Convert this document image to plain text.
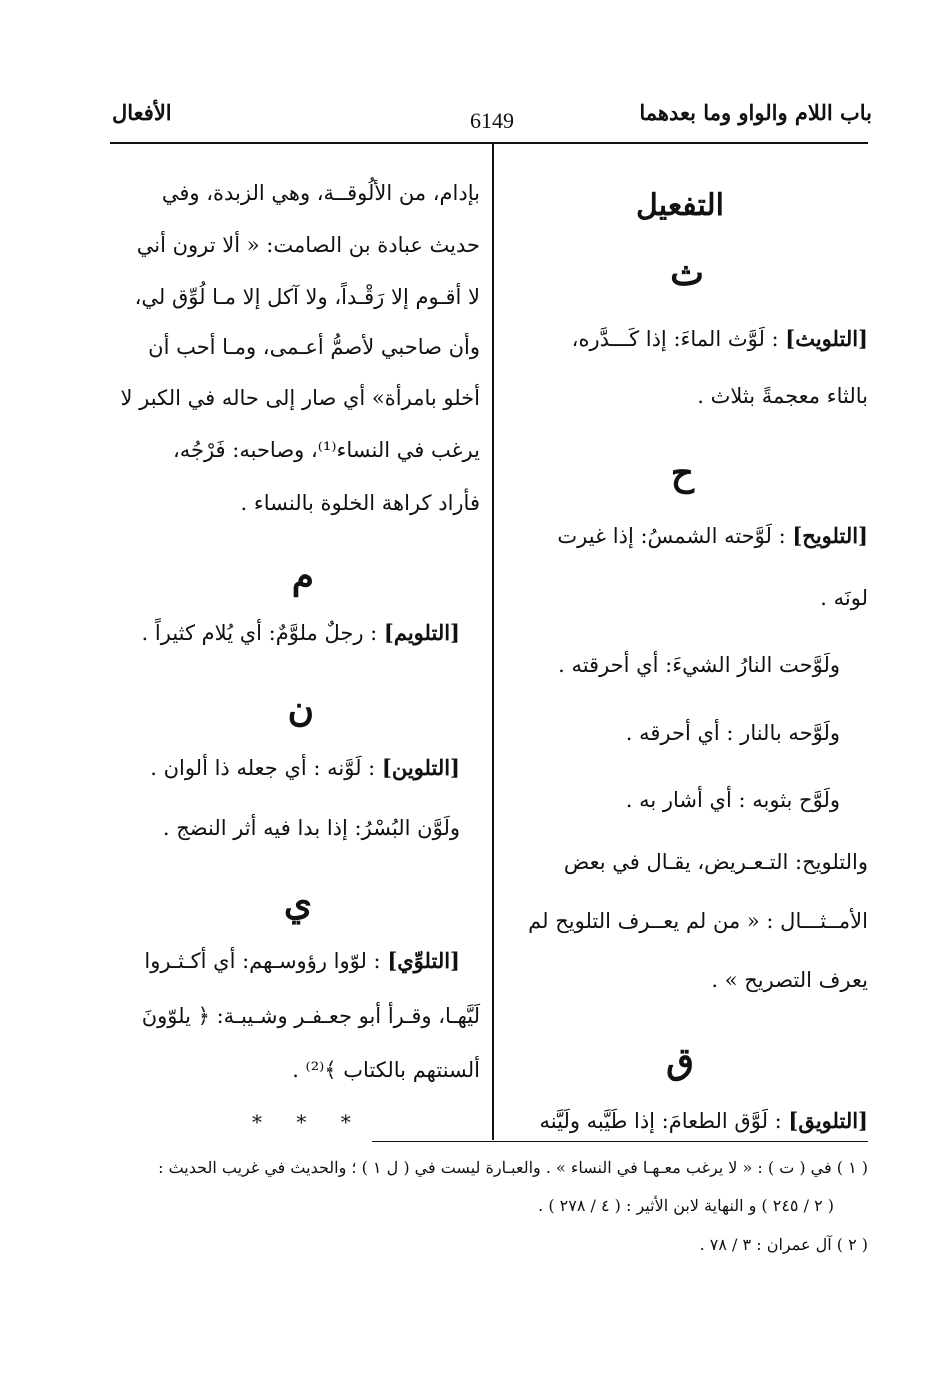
باب اللام والواو وما بعدهما
6149
الأفعال
التفعيل
ث
[التلويث] : لَوَّث الماءَ: إذا كَـــدَّره،
بالثاء معجمةً بثلاث .
ح
[التلويح] : لَوَّحته الشمسُ: إذا غيرت
لونَه .
ولَوَّحت النارُ الشيءَ: أي أحرقته .
ولَوَّحه بالنار : أي أحرقه .
ولَوَّح بثوبه : أي أشار به .
والتلويح: التـعـريض، يقـال في بعض
الأمــثـــال : « من لم يعــرف التلويح لم
يعرف التصريح » .
ق
[التلويق] : لَوَّق الطعامَ: إذا طَيَّبه ولَيَّنه
بإدام، من الألُوقــة، وهي الزبدة، وفي
حديث عبادة بن الصامت: « ألا ترون أني
لا أقـوم إلا رَقْـداً، ولا آكل إلا مـا لُوِّق لي،
وأن صاحبي لأصمُّ أعـمى، ومـا أحب أن
أخلو بامرأة» أي صار إلى حاله في الكبر لا
يرغب في النساء⁽¹⁾، وصاحبه: فَرْجُه،
فأراد كراهة الخلوة بالنساء .
م
[التلويم] : رجلٌ ملوَّمٌ: أي يُلام كثيراً .
ن
[التلوين] : لَوَّنه : أي جعله ذا ألوان .
ولَوَّن البُسْرُ: إذا بدا فيه أثر النضج .
ي
[التلوِّي] : لوّوا رؤوسـهم: أي أكـثـروا
لَيَّهـا، وقـرأ أبو جعـفـر وشـيبـة: ﴿ يلوّونَ
ألسنتهم بالكتاب ﴾⁽²⁾ .
* * *
( ١ ) في ( ت ) : « لا يرغب معـهـا في النساء » . والعبـارة ليست في ( ل ١ ) ؛ والحديث في غريب الحديث :
( ٢ / ٢٤٥ ) و النهاية لابن الأثير : ( ٤ / ٢٧٨ ) .
( ٢ ) آل عمران : ٣ / ٧٨ .
